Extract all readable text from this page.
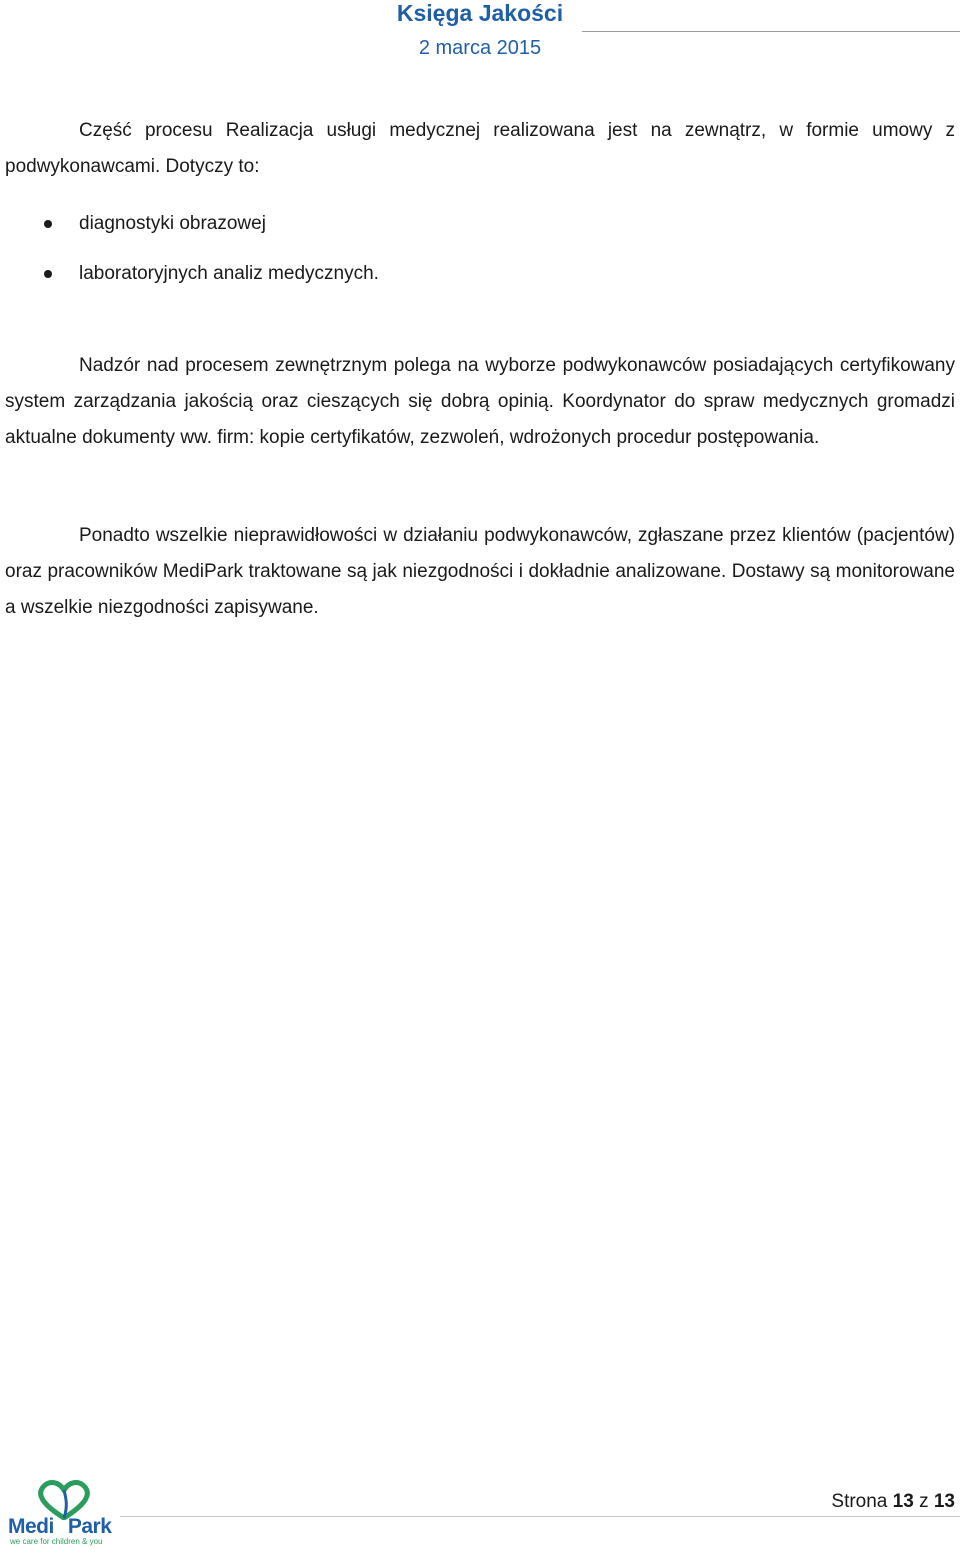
Księga Jakości
2 marca 2015

Część procesu Realizacja usługi medycznej realizowana jest na zewnątrz, w formie umowy z podwykonawcami. Dotyczy to:

diagnostyki obrazowej
laboratoryjnych analiz medycznych.

Nadzór nad procesem zewnętrznym polega na wyborze podwykonawców posiadających certyfikowany system zarządzania jakością oraz cieszących się dobrą opinią. Koordynator do spraw medycznych gromadzi aktualne dokumenty ww. firm: kopie certyfikatów, zezwoleń, wdrożonych procedur postępowania.

Ponadto wszelkie nieprawidłowości w działaniu podwykonawców, zgłaszane przez klientów (pacjentów) oraz pracowników MediPark traktowane są jak niezgodności i dokładnie analizowane. Dostawy są monitorowane a wszelkie niezgodności zapisywane.

Medi Park
we care for children & you
Strona 13 z 13
